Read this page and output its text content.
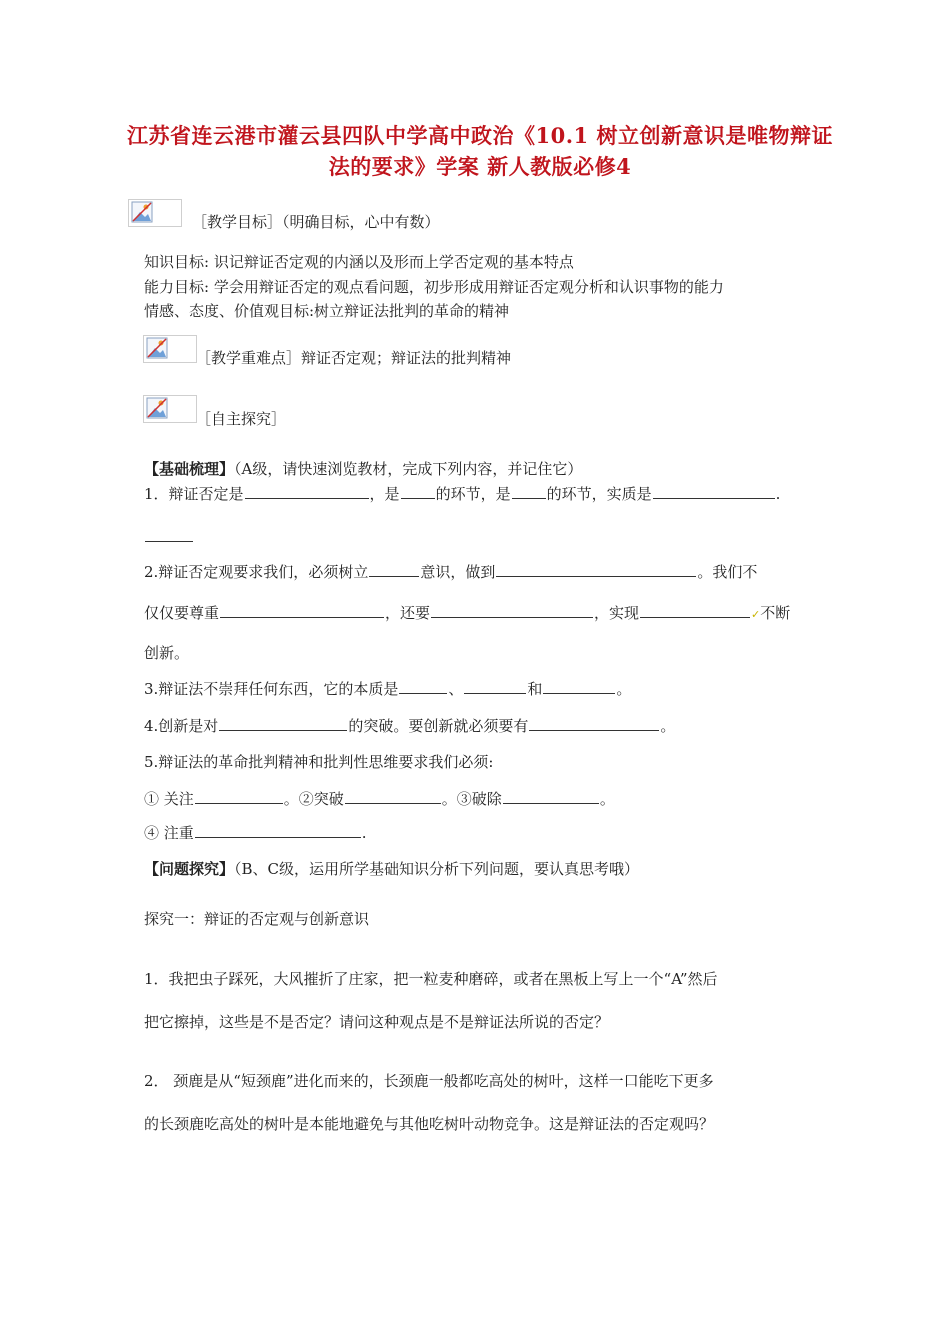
江苏省连云港市灌云县四队中学高中政治《10.1 树立创新意识是唯物辩证
法的要求》学案 新人教版必修4
［教学目标］（明确目标，心中有数）
知识目标: 识记辩证否定观的内涵以及形而上学否定观的基本特点
能力目标: 学会用辩证否定的观点看问题，初步形成用辩证否定观分析和认识事物的能力
情感、态度、价值观目标:树立辩证法批判的革命的精神
［教学重难点］辩证否定观；辩证法的批判精神
［自主探究］
【基础梳理】（A级，请快速浏览教材，完成下列内容，并记住它）
1．辩证否定是	，是 的环节，是 的环节，实质是	.
2.辩证否定观要求我们，必须树立	意识，做到	。我们不
仅仅要尊重	，还要	，实现	✓不断
创新。
3.辩证法不崇拜任何东西，它的本质是	、	和	。
4.创新是对	的突破。要创新就必须要有	。
5.辩证法的革命批判精神和批判性思维要求我们必须:
① 关注	。②突破	。③破除	。
④ 注重	.
【问题探究】（B、C级，运用所学基础知识分析下列问题，要认真思考哦）
探究一：辩证的否定观与创新意识
1．我把虫子踩死，大风摧折了庄家，把一粒麦种磨碎，或者在黑板上写上一个“A”然后
把它擦掉，这些是不是否定？请问这种观点是不是辩证法所说的否定？
2． 颈鹿是从“短颈鹿”进化而来的，长颈鹿一般都吃高处的树叶，这样一口能吃下更多
的长颈鹿吃高处的树叶是本能地避免与其他吃树叶动物竞争。这是辩证法的否定观吗？
